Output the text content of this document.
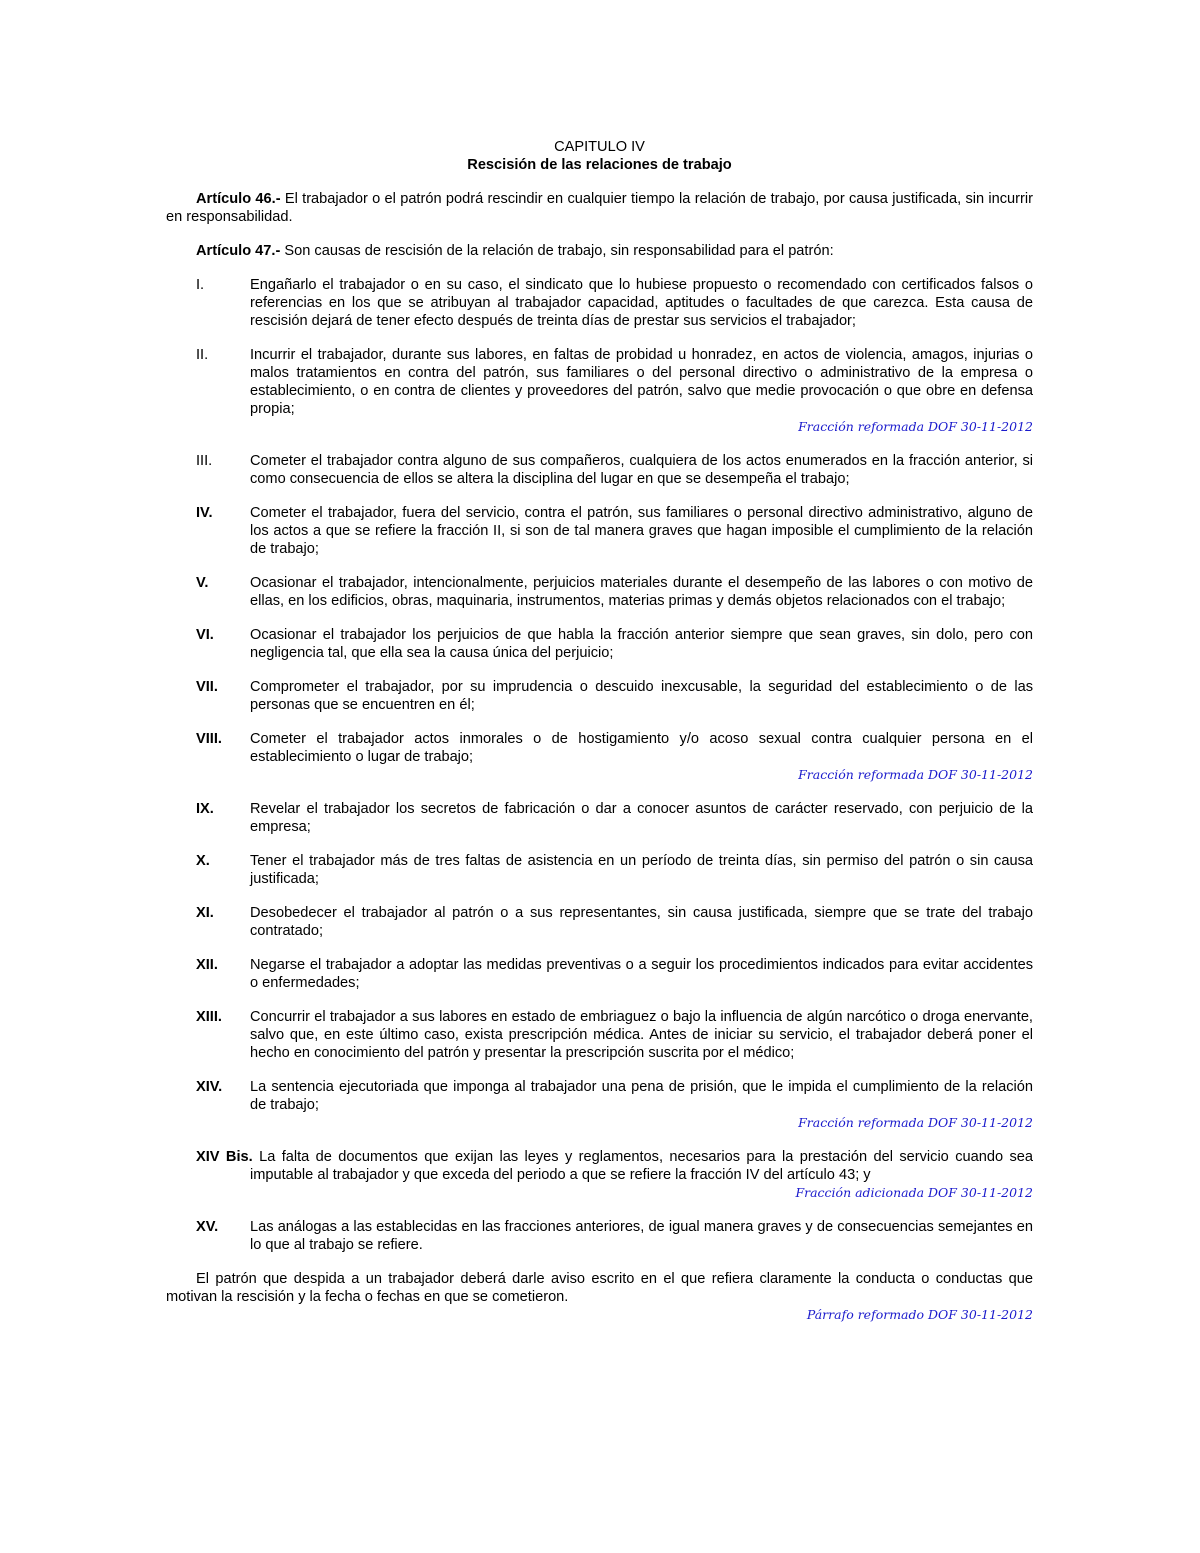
CAPITULO IV

Rescisión de las relaciones de trabajo

Artículo 46.- El trabajador o el patrón podrá rescindir en cualquier tiempo la relación de trabajo, por causa justificada, sin incurrir en responsabilidad.

Artículo 47.- Son causas de rescisión de la relación de trabajo, sin responsabilidad para el patrón:

I.	Engañarlo el trabajador o en su caso, el sindicato que lo hubiese propuesto o recomendado con certificados falsos o referencias en los que se atribuyan al trabajador capacidad, aptitudes o facultades de que carezca. Esta causa de rescisión dejará de tener efecto después de treinta días de prestar sus servicios el trabajador;
II.	Incurrir el trabajador, durante sus labores, en faltas de probidad u honradez, en actos de violencia, amagos, injurias o malos tratamientos en contra del patrón, sus familiares o del personal directivo o administrativo de la empresa o establecimiento, o en contra de clientes y proveedores del patrón, salvo que medie provocación o que obre en defensa propia;
Fracción reformada DOF 30-11-2012
III.	Cometer el trabajador contra alguno de sus compañeros, cualquiera de los actos enumerados en la fracción anterior, si como consecuencia de ellos se altera la disciplina del lugar en que se desempeña el trabajo;
IV.	Cometer el trabajador, fuera del servicio, contra el patrón, sus familiares o personal directivo administrativo, alguno de los actos a que se refiere la fracción II, si son de tal manera graves que hagan imposible el cumplimiento de la relación de trabajo;
V.	Ocasionar el trabajador, intencionalmente, perjuicios materiales durante el desempeño de las labores o con motivo de ellas, en los edificios, obras, maquinaria, instrumentos, materias primas y demás objetos relacionados con el trabajo;
VI. Ocasionar el trabajador los perjuicios de que habla la fracción anterior siempre que sean graves, sin dolo, pero con negligencia tal, que ella sea la causa única del perjuicio;
VII. Comprometer el trabajador, por su imprudencia o descuido inexcusable, la seguridad del establecimiento o de las personas que se encuentren en él;
VIII. Cometer el trabajador actos inmorales o de hostigamiento y/o acoso sexual contra cualquier persona en el establecimiento o lugar de trabajo;
Fracción reformada DOF 30-11-2012
IX. Revelar el trabajador los secretos de fabricación o dar a conocer asuntos de carácter reservado, con perjuicio de la empresa;
X.	Tener el trabajador más de tres faltas de asistencia en un período de treinta días, sin permiso del patrón o sin causa justificada;
XI. Desobedecer el trabajador al patrón o a sus representantes, sin causa justificada, siempre que se trate del trabajo contratado;
XII. Negarse el trabajador a adoptar las medidas preventivas o a seguir los procedimientos indicados para evitar accidentes o enfermedades;
XIII. Concurrir el trabajador a sus labores en estado de embriaguez o bajo la influencia de algún narcótico o droga enervante, salvo que, en este último caso, exista prescripción médica. Antes de iniciar su servicio, el trabajador deberá poner el hecho en conocimiento del patrón y presentar la prescripción suscrita por el médico;
XIV. La sentencia ejecutoriada que imponga al trabajador una pena de prisión, que le impida el cumplimiento de la relación de trabajo;
Fracción reformada DOF 30-11-2012
XIV Bis. La falta de documentos que exijan las leyes y reglamentos, necesarios para la prestación del servicio cuando sea imputable al trabajador y que exceda del periodo a que se refiere la fracción IV del artículo 43; y
Fracción adicionada DOF 30-11-2012
XV. Las análogas a las establecidas en las fracciones anteriores, de igual manera graves y de consecuencias semejantes en lo que al trabajo se refiere.

El patrón que despida a un trabajador deberá darle aviso escrito en el que refiera claramente la conducta o conductas que motivan la rescisión y la fecha o fechas en que se cometieron.

Párrafo reformado DOF 30-11-2012
